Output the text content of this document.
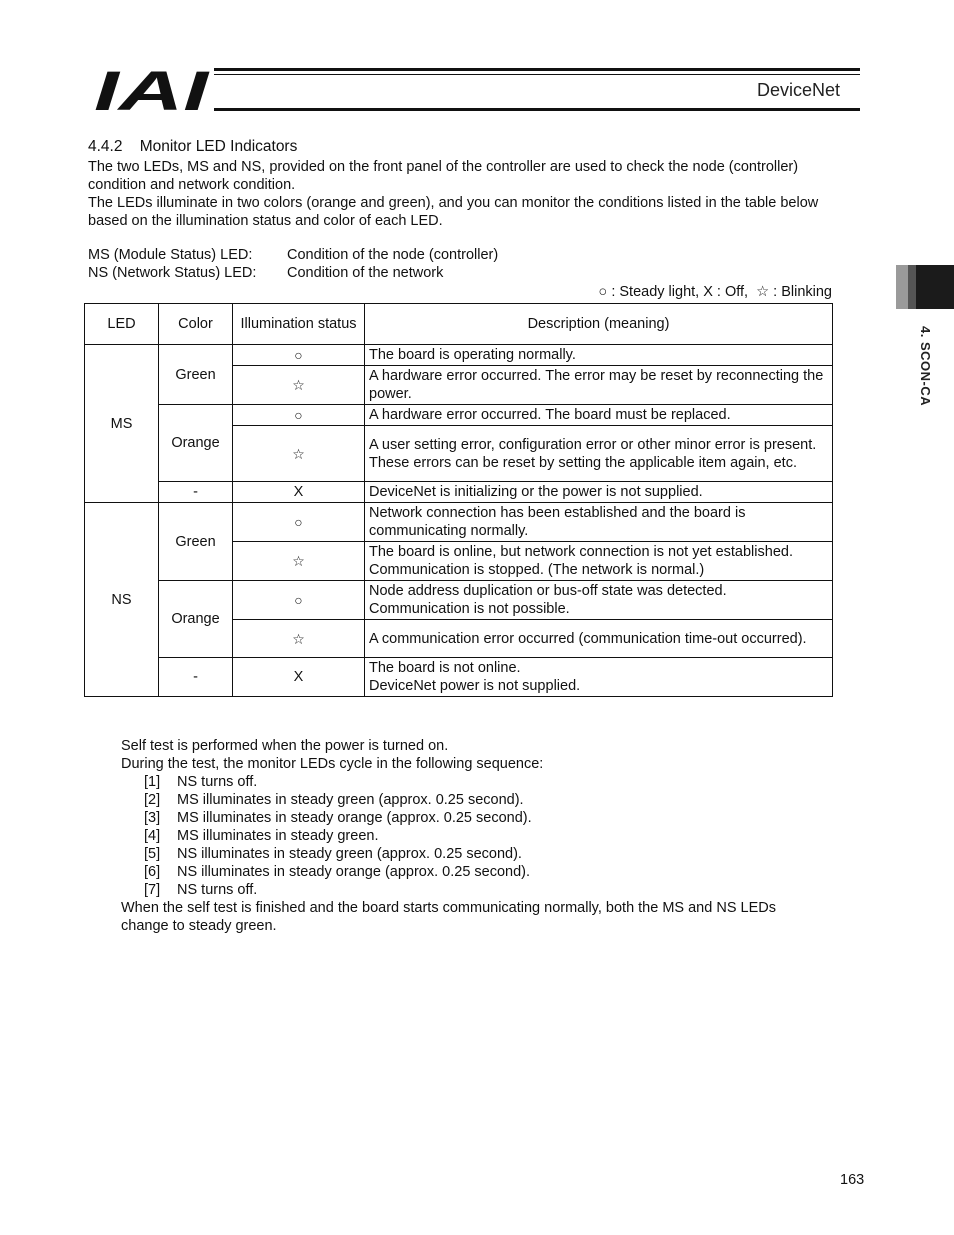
IAI	DeviceNet
4. SCON-CA
4.4.2    Monitor LED Indicators
The two LEDs, MS and NS, provided on the front panel of the controller are used to check the node (controller)
condition and network condition.
The LEDs illuminate in two colors (orange and green), and you can monitor the conditions listed in the table below
based on the illumination status and color of each LED.
MS (Module Status) LED: Condition of the node (controller)
NS (Network Status) LED: Condition of the network
○ : Steady light, X : Off,  ☆ : Blinking
LED	Color	Illumination status	Description (meaning)
MS	Green	○	The board is operating normally.
		☆	A hardware error occurred. The error may be reset by reconnecting the power.
	Orange	○	A hardware error occurred. The board must be replaced.
		☆	A user setting error, configuration error or other minor error is present. These errors can be reset by setting the applicable item again, etc.
	-	X	DeviceNet is initializing or the power is not supplied.
NS	Green	○	Network connection has been established and the board is communicating normally.
		☆	The board is online, but network connection is not yet established. Communication is stopped. (The network is normal.)
	Orange	○	Node address duplication or bus-off state was detected. Communication is not possible.
		☆	A communication error occurred (communication time-out occurred).
	-	X	The board is not online.
DeviceNet power is not supplied.
Self test is performed when the power is turned on.
During the test, the monitor LEDs cycle in the following sequence:
[1] NS turns off.
[2] MS illuminates in steady green (approx. 0.25 second).
[3] MS illuminates in steady orange (approx. 0.25 second).
[4] MS illuminates in steady green.
[5] NS illuminates in steady green (approx. 0.25 second).
[6] NS illuminates in steady orange (approx. 0.25 second).
[7] NS turns off.
When the self test is finished and the board starts communicating normally, both the MS and NS LEDs
change to steady green.
163
